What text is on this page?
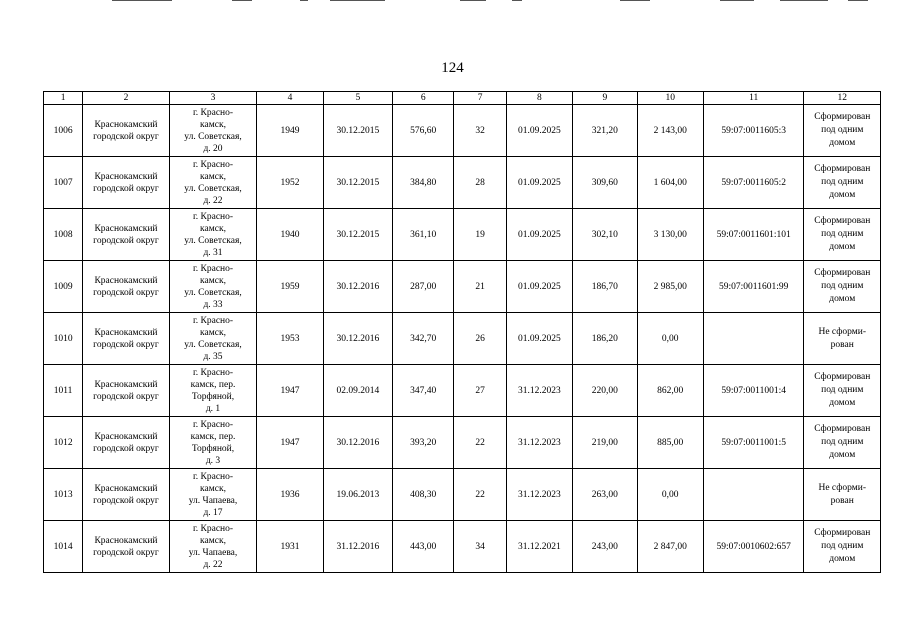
124
1	2	3	4	5	6	7	8	9	10	11	12
1006	Краснокамский городской округ	г. Красно-
камск,
ул. Советская,
д. 20	1949	30.12.2015	576,60	32	01.09.2025	321,20	2 143,00	59:07:0011605:3	Сформирован
под одним
домом
1007	Краснокамский городской округ	г. Красно-
камск,
ул. Советская,
д. 22	1952	30.12.2015	384,80	28	01.09.2025	309,60	1 604,00	59:07:0011605:2	Сформирован
под одним
домом
1008	Краснокамский городской округ	г. Красно-
камск,
ул. Советская,
д. 31	1940	30.12.2015	361,10	19	01.09.2025	302,10	3 130,00	59:07:0011601:101	Сформирован
под одним
домом
1009	Краснокамский городской округ	г. Красно-
камск,
ул. Советская,
д. 33	1959	30.12.2016	287,00	21	01.09.2025	186,70	2 985,00	59:07:0011601:99	Сформирован
под одним
домом
1010	Краснокамский городской округ	г. Красно-
камск,
ул. Советская,
д. 35	1953	30.12.2016	342,70	26	01.09.2025	186,20	0,00		Не сформи-
рован
1011	Краснокамский городской округ	г. Красно-
камск, пер.
Торфяной,
д. 1	1947	02.09.2014	347,40	27	31.12.2023	220,00	862,00	59:07:0011001:4	Сформирован
под одним
домом
1012	Краснокамский городской округ	г. Красно-
камск, пер.
Торфяной,
д. 3	1947	30.12.2016	393,20	22	31.12.2023	219,00	885,00	59:07:0011001:5	Сформирован
под одним
домом
1013	Краснокамский городской округ	г. Красно-
камск,
ул. Чапаева,
д. 17	1936	19.06.2013	408,30	22	31.12.2023	263,00	0,00		Не сформи-
рован
1014	Краснокамский городской округ	г. Красно-
камск,
ул. Чапаева,
д. 22	1931	31.12.2016	443,00	34	31.12.2021	243,00	2 847,00	59:07:0010602:657	Сформирован
под одним
домом
